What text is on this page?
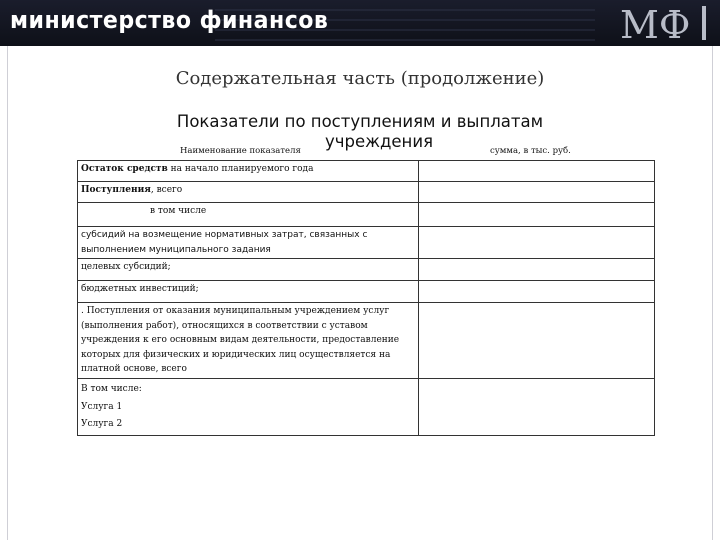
министерство финансов	МФ
Содержательная часть (продолжение)
Показатели по поступлениям и выплатам
учреждения
Наименование показателя	сумма, в тыс. руб.
Остаток средств на начало планируемого года	
Поступления, всего	
в том числе	
субсидий на возмещение нормативных затрат, связанных с выполнением муниципального задания	
целевых субсидий;	
бюджетных инвестиций;	
. Поступления от оказания муниципальным учреждением услуг (выполнения работ), относящихся в соответствии с уставом учреждения к его основным видам деятельности, предоставление которых для физических и юридических лиц осуществляется на платной основе, всего	

В том числе:
Услуга 1
Услуга 2	
